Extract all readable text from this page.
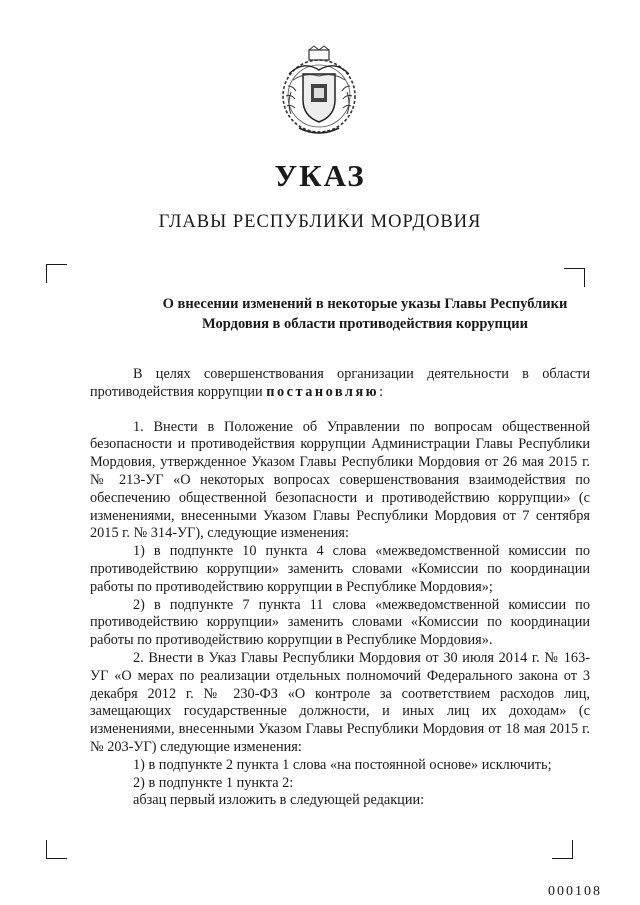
УКАЗ
ГЛАВЫ РЕСПУБЛИКИ МОРДОВИЯ
О внесении изменений в некоторые указы Главы Республики
Мордовия в области противодействия коррупции

В целях совершенствования организации деятельности в области противодействия коррупции постановляю:

1. Внести в Положение об Управлении по вопросам общественной безопасности и противодействия коррупции Администрации Главы Республики Мордовия, утвержденное Указом Главы Республики Мордовия от 26 мая 2015 г. № 213-УГ «О некоторых вопросах совершенствования взаимодействия по обеспечению общественной безопасности и противодействию коррупции» (с изменениями, внесенными Указом Главы Республики Мордовия от 7 сентября 2015 г. № 314-УГ), следующие изменения:

1) в подпункте 10 пункта 4 слова «межведомственной комиссии по противодействию коррупции» заменить словами «Комиссии по координации работы по противодействию коррупции в Республике Мордовия»;

2) в подпункте 7 пункта 11 слова «межведомственной комиссии по противодействию коррупции» заменить словами «Комиссии по координации работы по противодействию коррупции в Республике Мордовия».

2. Внести в Указ Главы Республики Мордовия от 30 июля 2014 г. № 163-УГ «О мерах по реализации отдельных полномочий Федерального закона от 3 декабря 2012 г. № 230-ФЗ «О контроле за соответствием расходов лиц, замещающих государственные должности, и иных лиц их доходам» (с изменениями, внесенными Указом Главы Республики Мордовия от 18 мая 2015 г. № 203-УГ) следующие изменения:

1) в подпункте 2 пункта 1 слова «на постоянной основе» исключить;

2) в подпункте 1 пункта 2:

абзац первый изложить в следующей редакции:

000108
